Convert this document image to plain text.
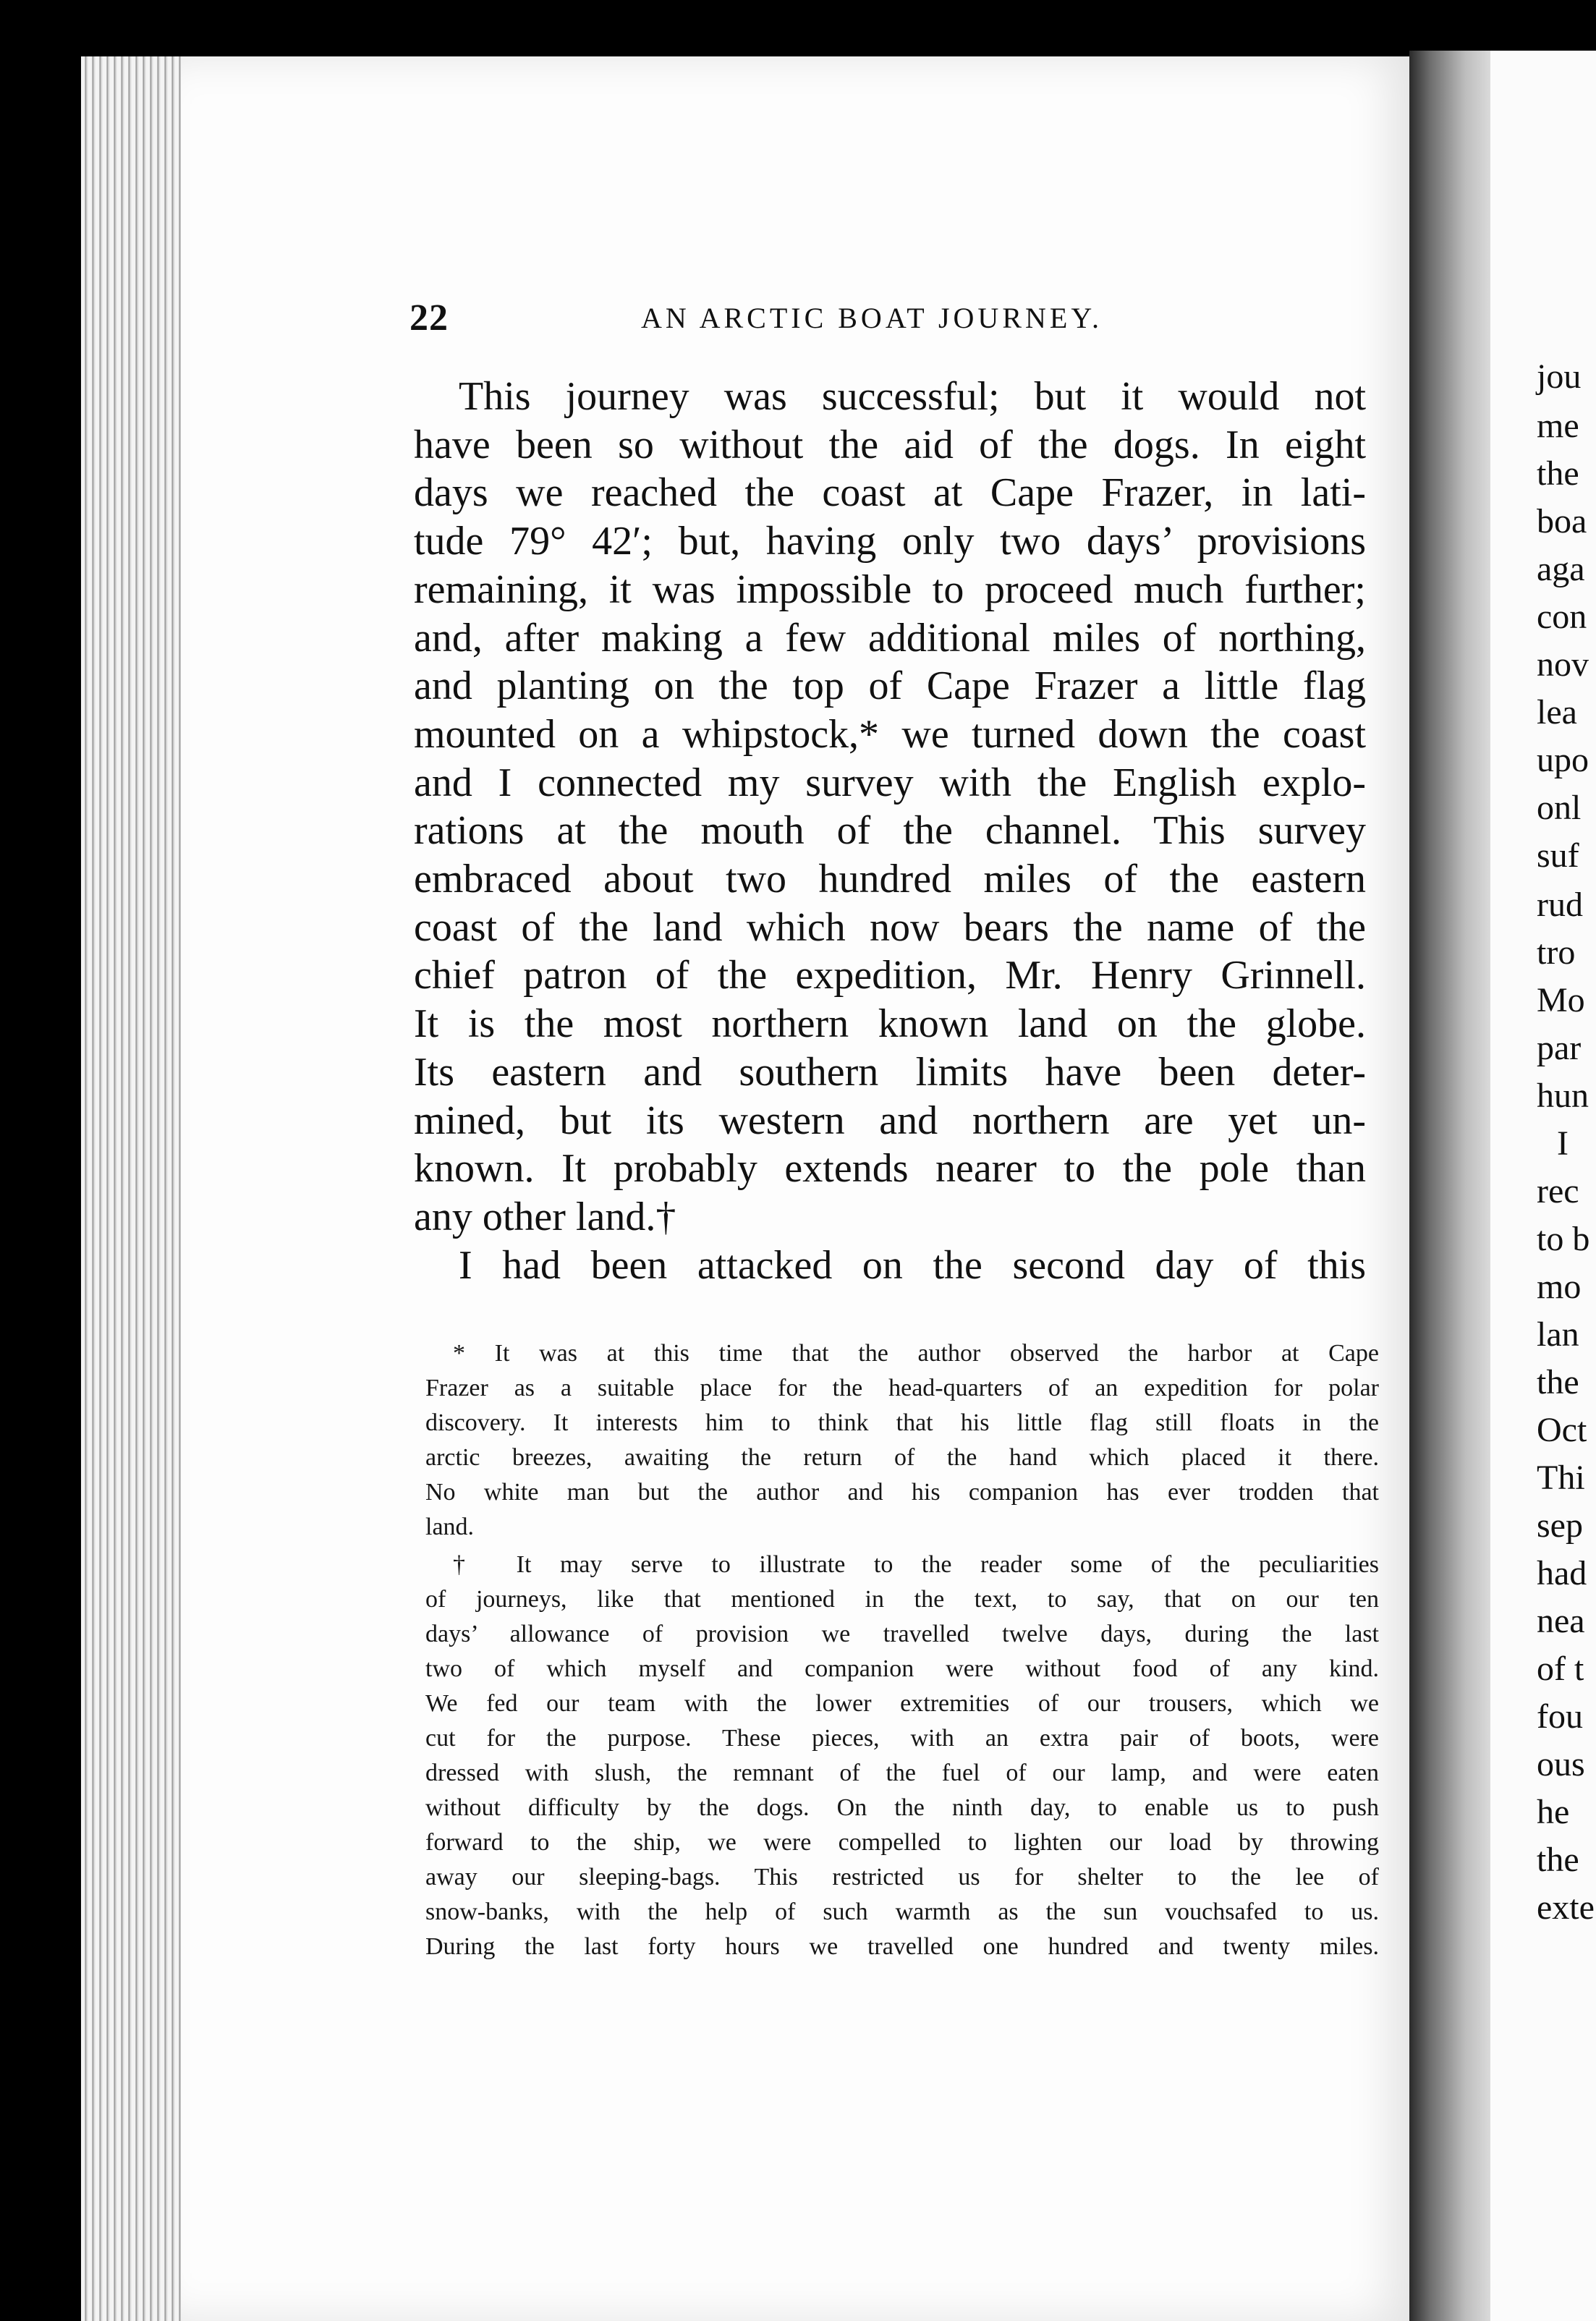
22	AN ARCTIC BOAT JOURNEY.
This journey was successful; but it would not
have been so without the aid of the dogs. In eight
days we reached the coast at Cape Frazer, in lati-
tude 79° 42′; but, having only two days’ provisions
remaining, it was impossible to proceed much further;
and, after making a few additional miles of northing,
and planting on the top of Cape Frazer a little flag
mounted on a whipstock,* we turned down the coast
and I connected my survey with the English explo-
rations at the mouth of the channel. This survey
embraced about two hundred miles of the eastern
coast of the land which now bears the name of the
chief patron of the expedition, Mr. Henry Grinnell.
It is the most northern known land on the globe.
Its eastern and southern limits have been deter-
mined, but its western and northern are yet un-
known. It probably extends nearer to the pole than
any other land.†
I had been attacked on the second day of this
* It was at this time that the author observed the harbor at Cape
Frazer as a suitable place for the head-quarters of an expedition for polar
discovery. It interests him to think that his little flag still floats in the
arctic breezes, awaiting the return of the hand which placed it there.
No white man but the author and his companion has ever trodden that
land.
† It may serve to illustrate to the reader some of the peculiarities
of journeys, like that mentioned in the text, to say, that on our ten
days’ allowance of provision we travelled twelve days, during the last
two of which myself and companion were without food of any kind.
We fed our team with the lower extremities of our trousers, which we
cut for the purpose. These pieces, with an extra pair of boots, were
dressed with slush, the remnant of the fuel of our lamp, and were eaten
without difficulty by the dogs. On the ninth day, to enable us to push
forward to the ship, we were compelled to lighten our load by throwing
away our sleeping-bags. This restricted us for shelter to the lee of
snow-banks, with the help of such warmth as the sun vouchsafed to us.
During the last forty hours we travelled one hundred and twenty miles.
jou
me
the
boa
aga
con
nov
lea
upo
onl
suf
rud
tro
Mo
par
hun
I
rec
to b
mo
lan
the
Oct
Thi
sep
had
nea
of t
fou
ous
he
the
exte
